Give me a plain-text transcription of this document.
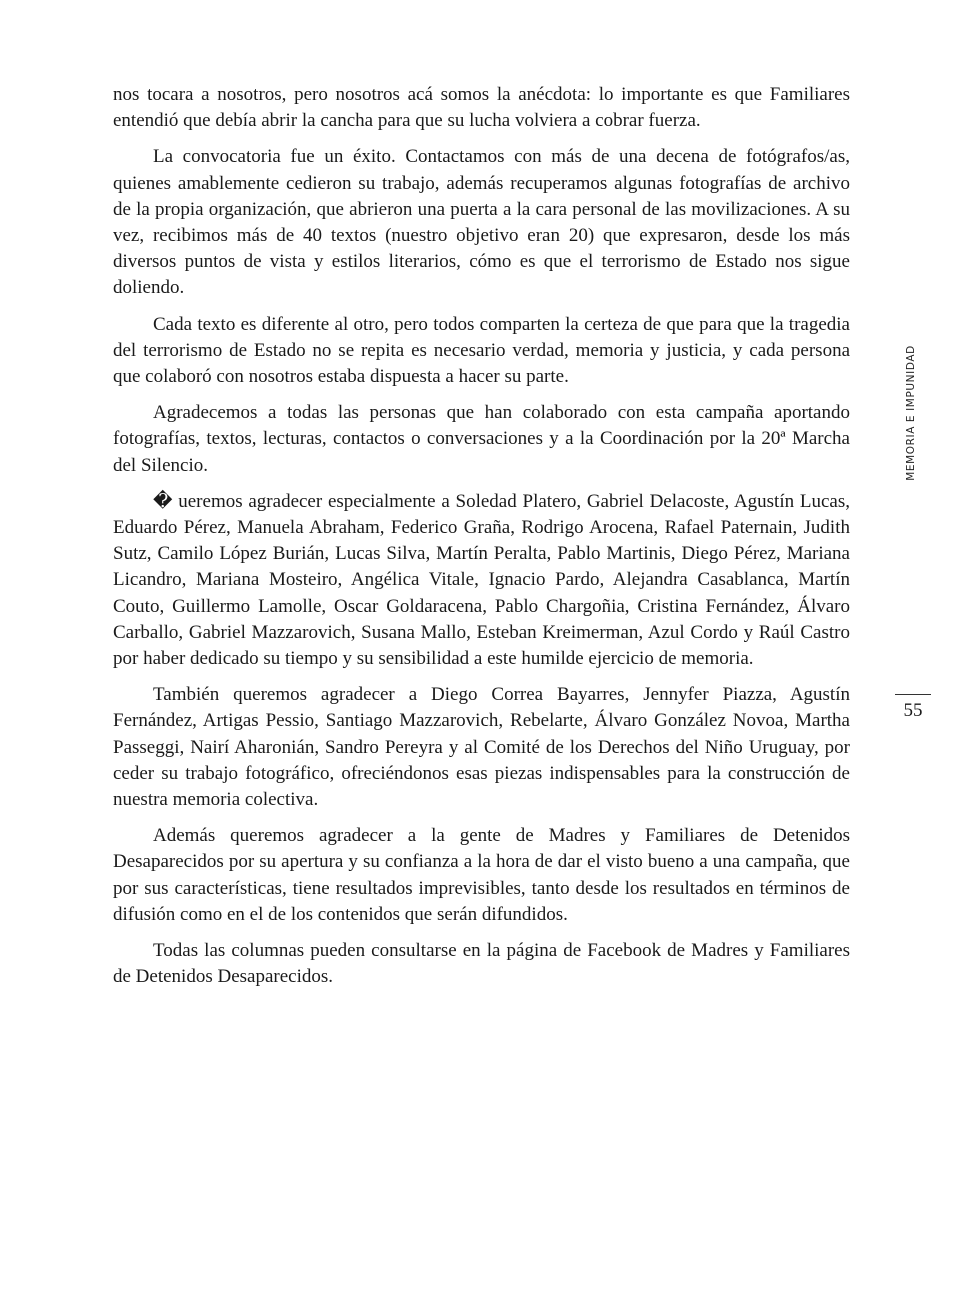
nos tocara a nosotros, pero nosotros acá somos la anécdota: lo importante es que Familiares entendió que debía abrir la cancha para que su lucha volviera a cobrar fuerza.

La convocatoria fue un éxito. Contactamos con más de una decena de fotógrafos/as, quienes amablemente cedieron su trabajo, además recuperamos algunas fotografías de archivo de la propia organización, que abrieron una puerta a la cara personal de las movilizaciones. A su vez, recibimos más de 40 textos (nuestro objetivo eran 20) que expresaron, desde los más diversos puntos de vista y estilos literarios, cómo es que el terrorismo de Estado nos sigue doliendo.

Cada texto es diferente al otro, pero todos comparten la certeza de que para que la tragedia del terrorismo de Estado no se repita es necesario verdad, memoria y justicia, y cada persona que colaboró con nosotros estaba dispuesta a hacer su parte.

Agradecemos a todas las personas que han colaborado con esta campaña aportando fotografías, textos, lecturas, contactos o conversaciones y a la Coordinación por la 20ª Marcha del Silencio.

� ueremos agradecer especialmente a Soledad Platero, Gabriel Delacoste, Agustín Lucas, Eduardo Pérez, Manuela Abraham, Federico Graña, Rodrigo Arocena, Rafael Paternain, Judith Sutz, Camilo López Burián, Lucas Silva, Martín Peralta, Pablo Martinis, Diego Pérez, Mariana Licandro, Mariana Mosteiro, Angélica Vitale, Ignacio Pardo, Alejandra Casablanca, Martín Couto, Guillermo Lamolle, Oscar Goldaracena, Pablo Chargoñia, Cristina Fernández, Álvaro Carballo, Gabriel Mazzarovich, Susana Mallo, Esteban Kreimerman, Azul Cordo y Raúl Castro por haber dedicado su tiempo y su sensibilidad a este humilde ejercicio de memoria.

También queremos agradecer a Diego Correa Bayarres, Jennyfer Piazza, Agustín Fernández, Artigas Pessio, Santiago Mazzarovich, Rebelarte, Álvaro González Novoa, Martha Passeggi, Nairí Aharonián, Sandro Pereyra y al Comité de los Derechos del Niño Uruguay, por ceder su trabajo fotográfico, ofreciéndonos esas piezas indispensables para la construcción de nuestra memoria colectiva.

Además queremos agradecer a la gente de Madres y Familiares de Detenidos Desaparecidos por su apertura y su confianza a la hora de dar el visto bueno a una campaña, que por sus características, tiene resultados imprevisibles, tanto desde los resultados en términos de difusión como en el de los contenidos que serán difundidos.

Todas las columnas pueden consultarse en la página de Facebook de Madres y Familiares de Detenidos Desaparecidos.

MEMORIA E IMPUNIDAD
55
